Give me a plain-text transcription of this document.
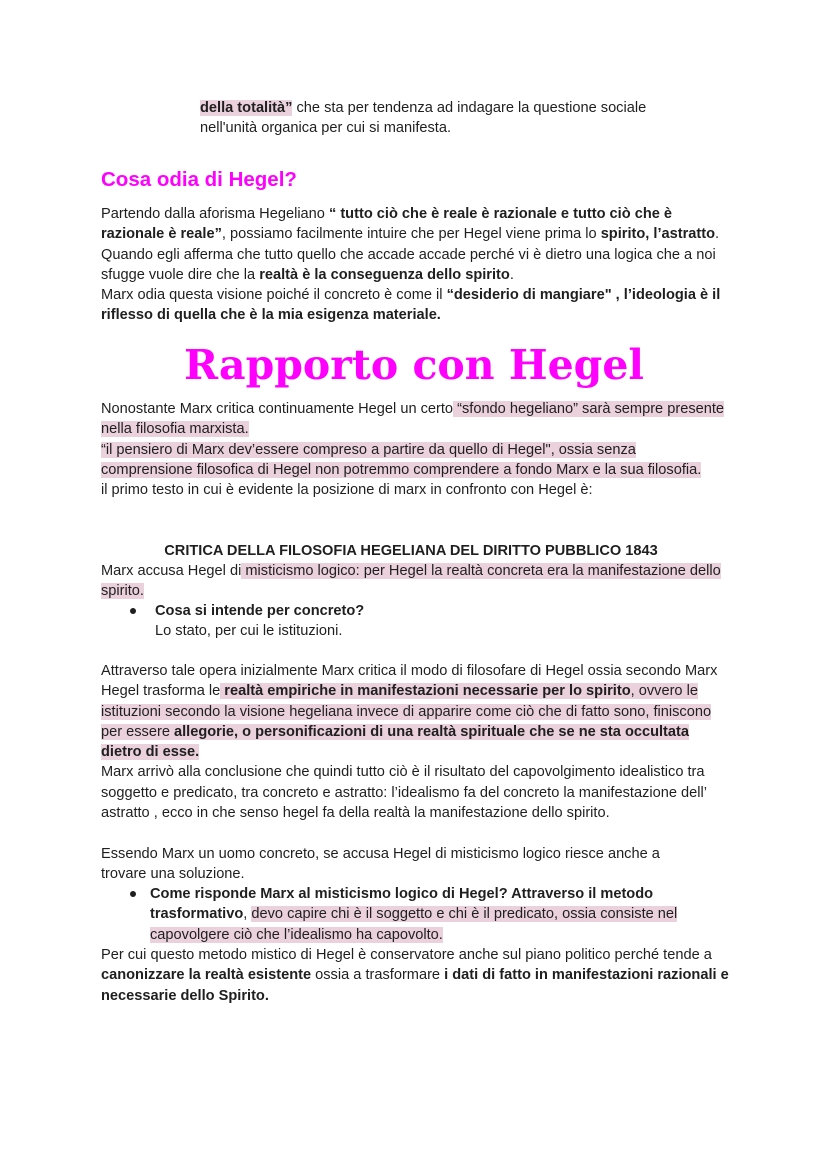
della totalità” che sta per tendenza ad indagare la questione sociale
nell'unità organica per cui si manifesta.
Cosa odia di Hegel?
Partendo dalla aforisma Hegeliano “ tutto ciò che è reale è razionale e tutto ciò che è razionale è reale”, possiamo facilmente intuire che per Hegel viene prima lo spirito, l’astratto. Quando egli afferma che tutto quello che accade accade perché vi è dietro una logica che a noi sfugge vuole dire che la realtà è la conseguenza dello spirito.
Marx odia questa visione poiché il concreto è come il “desiderio di mangiare" , l’ideologia è il riflesso di quella che è la mia esigenza materiale.
Rapporto con Hegel
Nonostante Marx critica continuamente Hegel un certo “sfondo hegeliano” sarà sempre presente nella filosofia marxista.
“il pensiero di Marx dev’essere compreso a partire da quello di Hegel", ossia senza comprensione filosofica di Hegel non potremmo comprendere a fondo Marx e la sua filosofia.
il primo testo in cui è evidente la posizione di marx in confronto con Hegel è:
CRITICA DELLA FILOSOFIA HEGELIANA DEL DIRITTO PUBBLICO 1843
Marx accusa Hegel di misticismo logico: per Hegel la realtà concreta era la manifestazione dello spirito.
Cosa si intende per concreto?
Lo stato, per cui le istituzioni.
Attraverso tale opera inizialmente Marx critica il modo di filosofare di Hegel ossia secondo Marx Hegel trasforma le realtà empiriche in manifestazioni necessarie per lo spirito, ovvero le istituzioni secondo la visione hegeliana invece di apparire come ciò che di fatto sono, finiscono per essere allegorie, o personificazioni di una realtà spirituale che se ne sta occultata dietro di esse.
Marx arrivò alla conclusione che quindi tutto ciò è il risultato del capovolgimento idealistico tra soggetto e predicato, tra concreto e astratto: l’idealismo fa del concreto la manifestazione dell’ astratto , ecco in che senso hegel fa della realtà la manifestazione dello spirito.
Essendo Marx un uomo concreto, se accusa Hegel di misticismo logico riesce anche a trovare una soluzione.
Come risponde Marx al misticismo logico di Hegel? Attraverso il metodo trasformativo, devo capire chi è il soggetto e chi è il predicato, ossia consiste nel capovolgere ciò che l’idealismo ha capovolto.
Per cui questo metodo mistico di Hegel è conservatore anche sul piano politico perché tende a canonizzare la realtà esistente ossia a trasformare i dati di fatto in manifestazioni razionali e necessarie dello Spirito.
